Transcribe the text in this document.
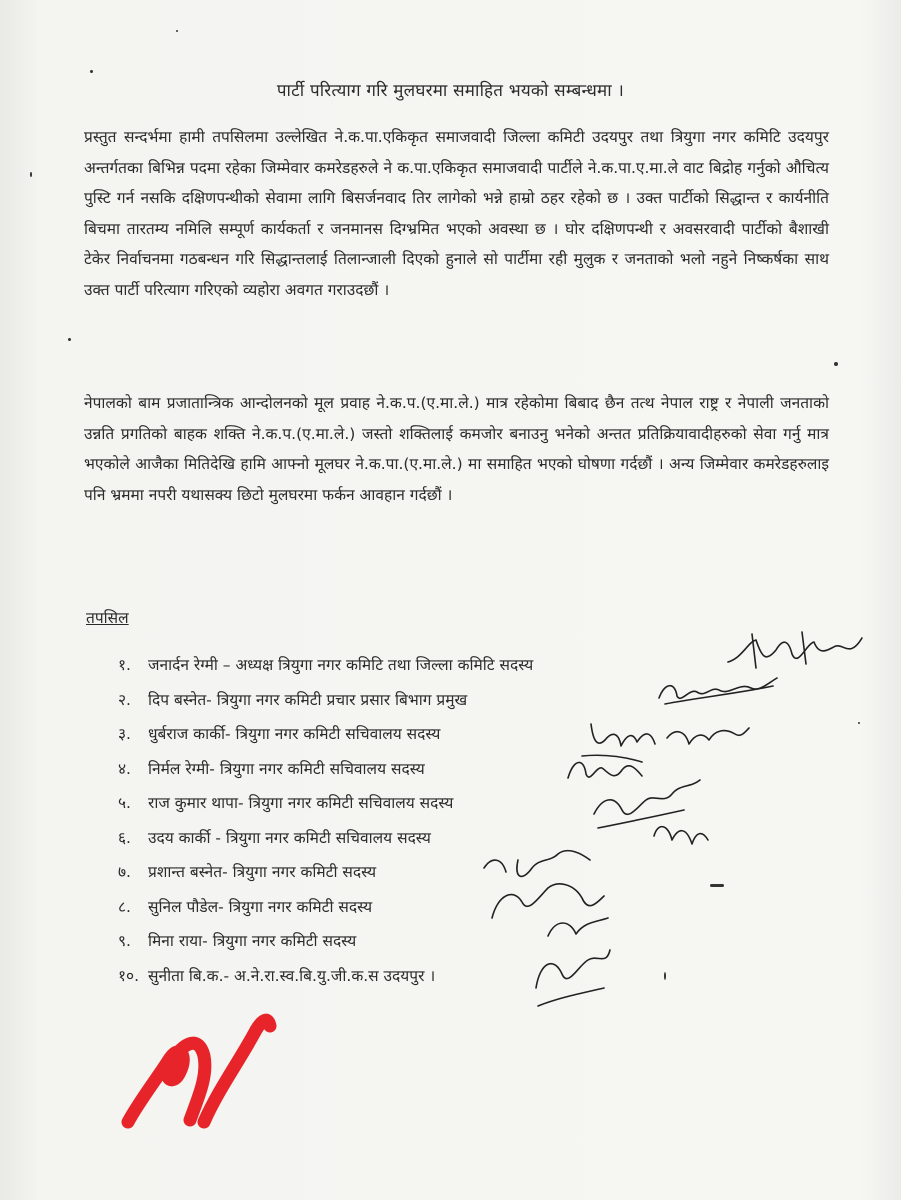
पार्टी परित्याग गरि मुलघरमा समाहित भयको सम्बन्धमा ।
प्रस्तुत सन्दर्भमा हामी तपसिलमा उल्लेखित ने.क.पा.एकिकृत समाजवादी जिल्ला कमिटी उदयपुर तथा त्रियुगा नगर कमिटि उदयपुर अन्तर्गतका बिभिन्न पदमा रहेका जिम्मेवार कमरेडहरुले ने क.पा.एकिकृत समाजवादी पार्टीले ने.क.पा.ए.मा.ले वाट बिद्रोह गर्नुको औचित्य पुस्टि गर्न नसकि दक्षिणपन्थीको सेवामा लागि बिसर्जनवाद तिर लागेको भन्ने हाम्रो ठहर रहेको छ । उक्त पार्टीको सिद्धान्त र कार्यनीति बिचमा तारतम्य नमिलि सम्पूर्ण कार्यकर्ता र जनमानस दिग्भ्रमित भएको अवस्था छ । घोर दक्षिणपन्थी र अवसरवादी पार्टीको बैशाखी टेकेर निर्वाचनमा गठबन्धन गरि सिद्धान्तलाई तिलान्जाली दिएको हुनाले सो पार्टीमा रही मुलुक र जनताको भलो नहुने निष्कर्षका साथ उक्त पार्टी परित्याग गरिएको व्यहोरा अवगत गराउदछौं ।
नेपालको बाम प्रजातान्त्रिक आन्दोलनको मूल प्रवाह ने.क.प.(ए.मा.ले.) मात्र रहेकोमा बिबाद छैन तत्थ नेपाल राष्ट्र र नेपाली जनताको उन्नति प्रगतिको बाहक शक्ति ने.क.प.(ए.मा.ले.) जस्तो शक्तिलाई कमजोर बनाउनु भनेको अन्तत प्रतिक्रियावादीहरुको सेवा गर्नु मात्र भएकोले आजैका मितिदेखि हामि आफ्नो मूलघर ने.क.पा.(ए.मा.ले.) मा समाहित भएको घोषणा गर्दछौं । अन्य जिम्मेवार कमरेडहरुलाइ पनि भ्रममा नपरी यथासक्य छिटो मुलघरमा फर्कन आवहान गर्दछौं ।
तपसिल
१. जनार्दन रेग्मी – अध्यक्ष त्रियुगा नगर कमिटि तथा जिल्ला कमिटि सदस्य
२. दिप बस्नेत- त्रियुगा नगर कमिटी प्रचार प्रसार बिभाग प्रमुख
३. धुर्बराज कार्की- त्रियुगा नगर कमिटी सचिवालय सदस्य
४. निर्मल रेग्मी- त्रियुगा नगर कमिटी सचिवालय सदस्य
५. राज कुमार थापा- त्रियुगा नगर कमिटी सचिवालय सदस्य
६. उदय कार्की - त्रियुगा नगर कमिटी सचिवालय सदस्य
७. प्रशान्त बस्नेत- त्रियुगा नगर कमिटी सदस्य
८. सुनिल पौडेल- त्रियुगा नगर कमिटी सदस्य
९. मिना राया- त्रियुगा नगर कमिटी सदस्य
१०. सुनीता बि.क.- अ.ने.रा.स्व.बि.यु.जी.क.स उदयपुर ।
